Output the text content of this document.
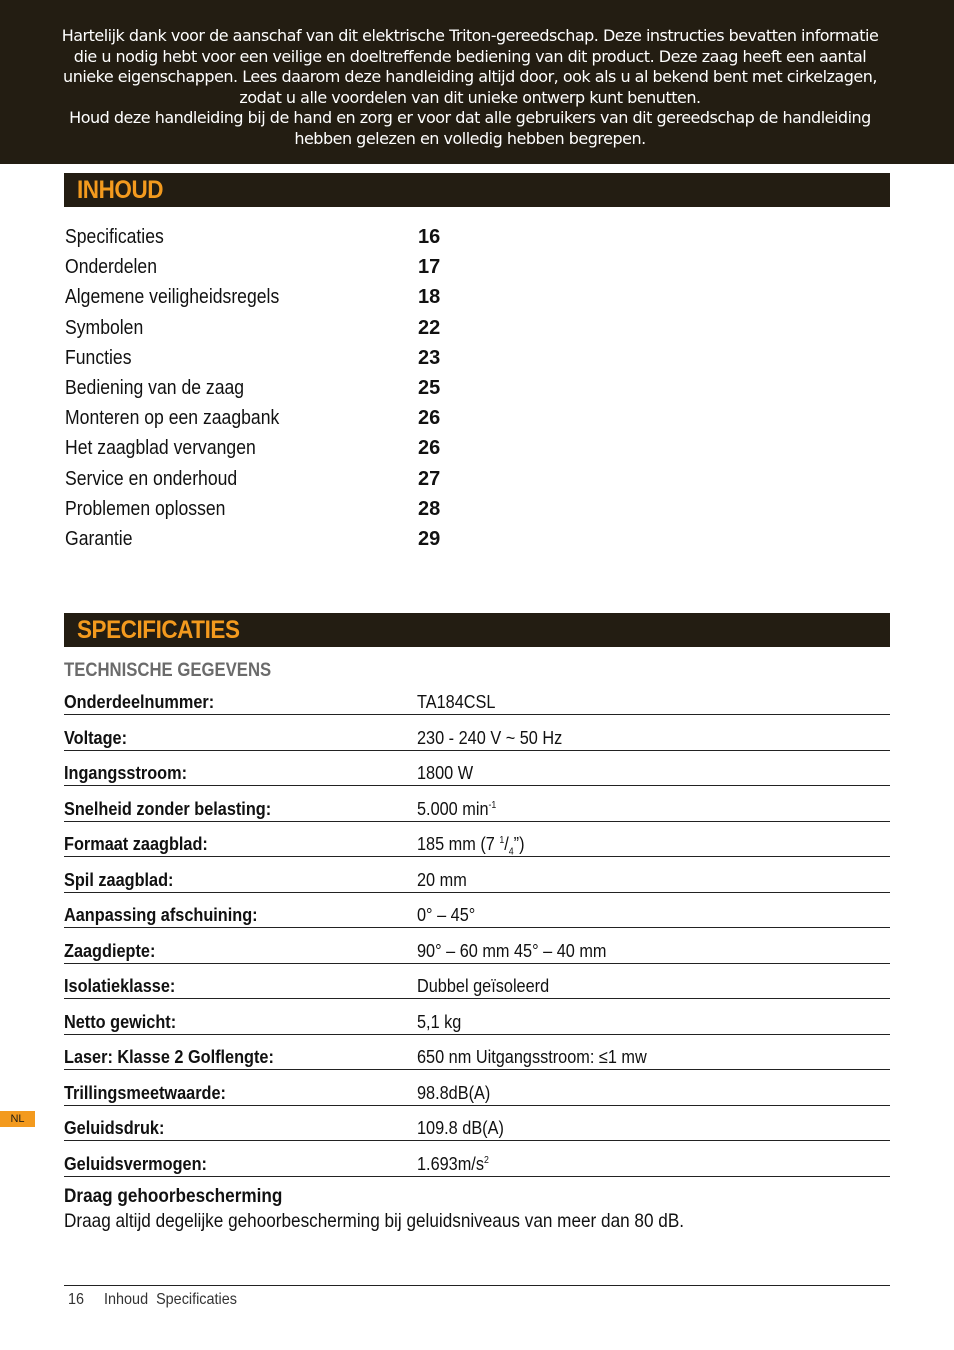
Hartelijk dank voor de aanschaf van dit elektrische Triton-gereedschap. Deze instructies bevatten informatie

die u nodig hebt voor een veilige en doeltreffende bediening van dit product. Deze zaag heeft een aantal

unieke eigenschappen. Lees daarom deze handleiding altijd door, ook als u al bekend bent met cirkelzagen,

zodat u alle voordelen van dit unieke ontwerp kunt benutten.

Houd deze handleiding bij de hand en zorg er voor dat alle gebruikers van dit gereedschap de handleiding

hebben gelezen en volledig hebben begrepen.

INHOUD
Specificaties	16
Onderdelen	17
Algemene veiligheidsregels	18
Symbolen	22
Functies	23
Bediening van de zaag	25
Monteren op een zaagbank	26
Het zaagblad vervangen	26
Service en onderhoud	27
Problemen oplossen	28
Garantie	29
SPECIFICATIES
TECHNISCHE GEGEVENS
Onderdeelnummer:	TA184CSL
Voltage:	230 - 240 V ~ 50 Hz
Ingangsstroom:	1800 W
Snelheid zonder belasting:	5.000 $\min^{-1}$
Formaat zaagblad:	185 mm (7 $^1/_4$”)
Spil zaagblad:	20 mm
Aanpassing afschuining:	0° – 45°
Zaagdiepte:	90° – 60 mm 45° – 40 mm
Isolatieklasse:	Dubbel geïsoleerd
Netto gewicht:	5,1 kg
Laser: Klasse 2 Golflengte:	650 nm Uitgangsstroom: ≤1 mw
Trillingsmeetwaarde:	98.8dB(A)
Geluidsdruk:	109.8 dB(A)
Geluidsvermogen:	$1.693m/s^2$
Draag gehoorbescherming
Draag altijd degelijke gehoorbescherming bij geluidsniveaus van meer dan 80 dB.
NL
16 Inhoud Specificaties
